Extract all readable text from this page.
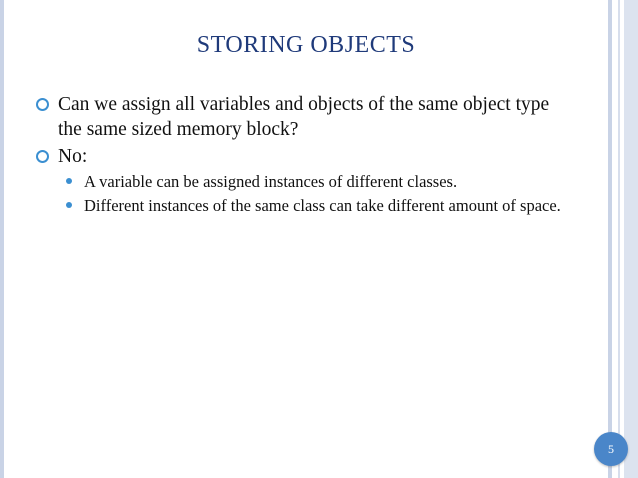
STORING OBJECTS
Can we assign all variables and objects of the same object type the same sized memory block?
No:
A variable can be assigned instances of different classes.
Different instances of the same class can take different amount of space.
5
